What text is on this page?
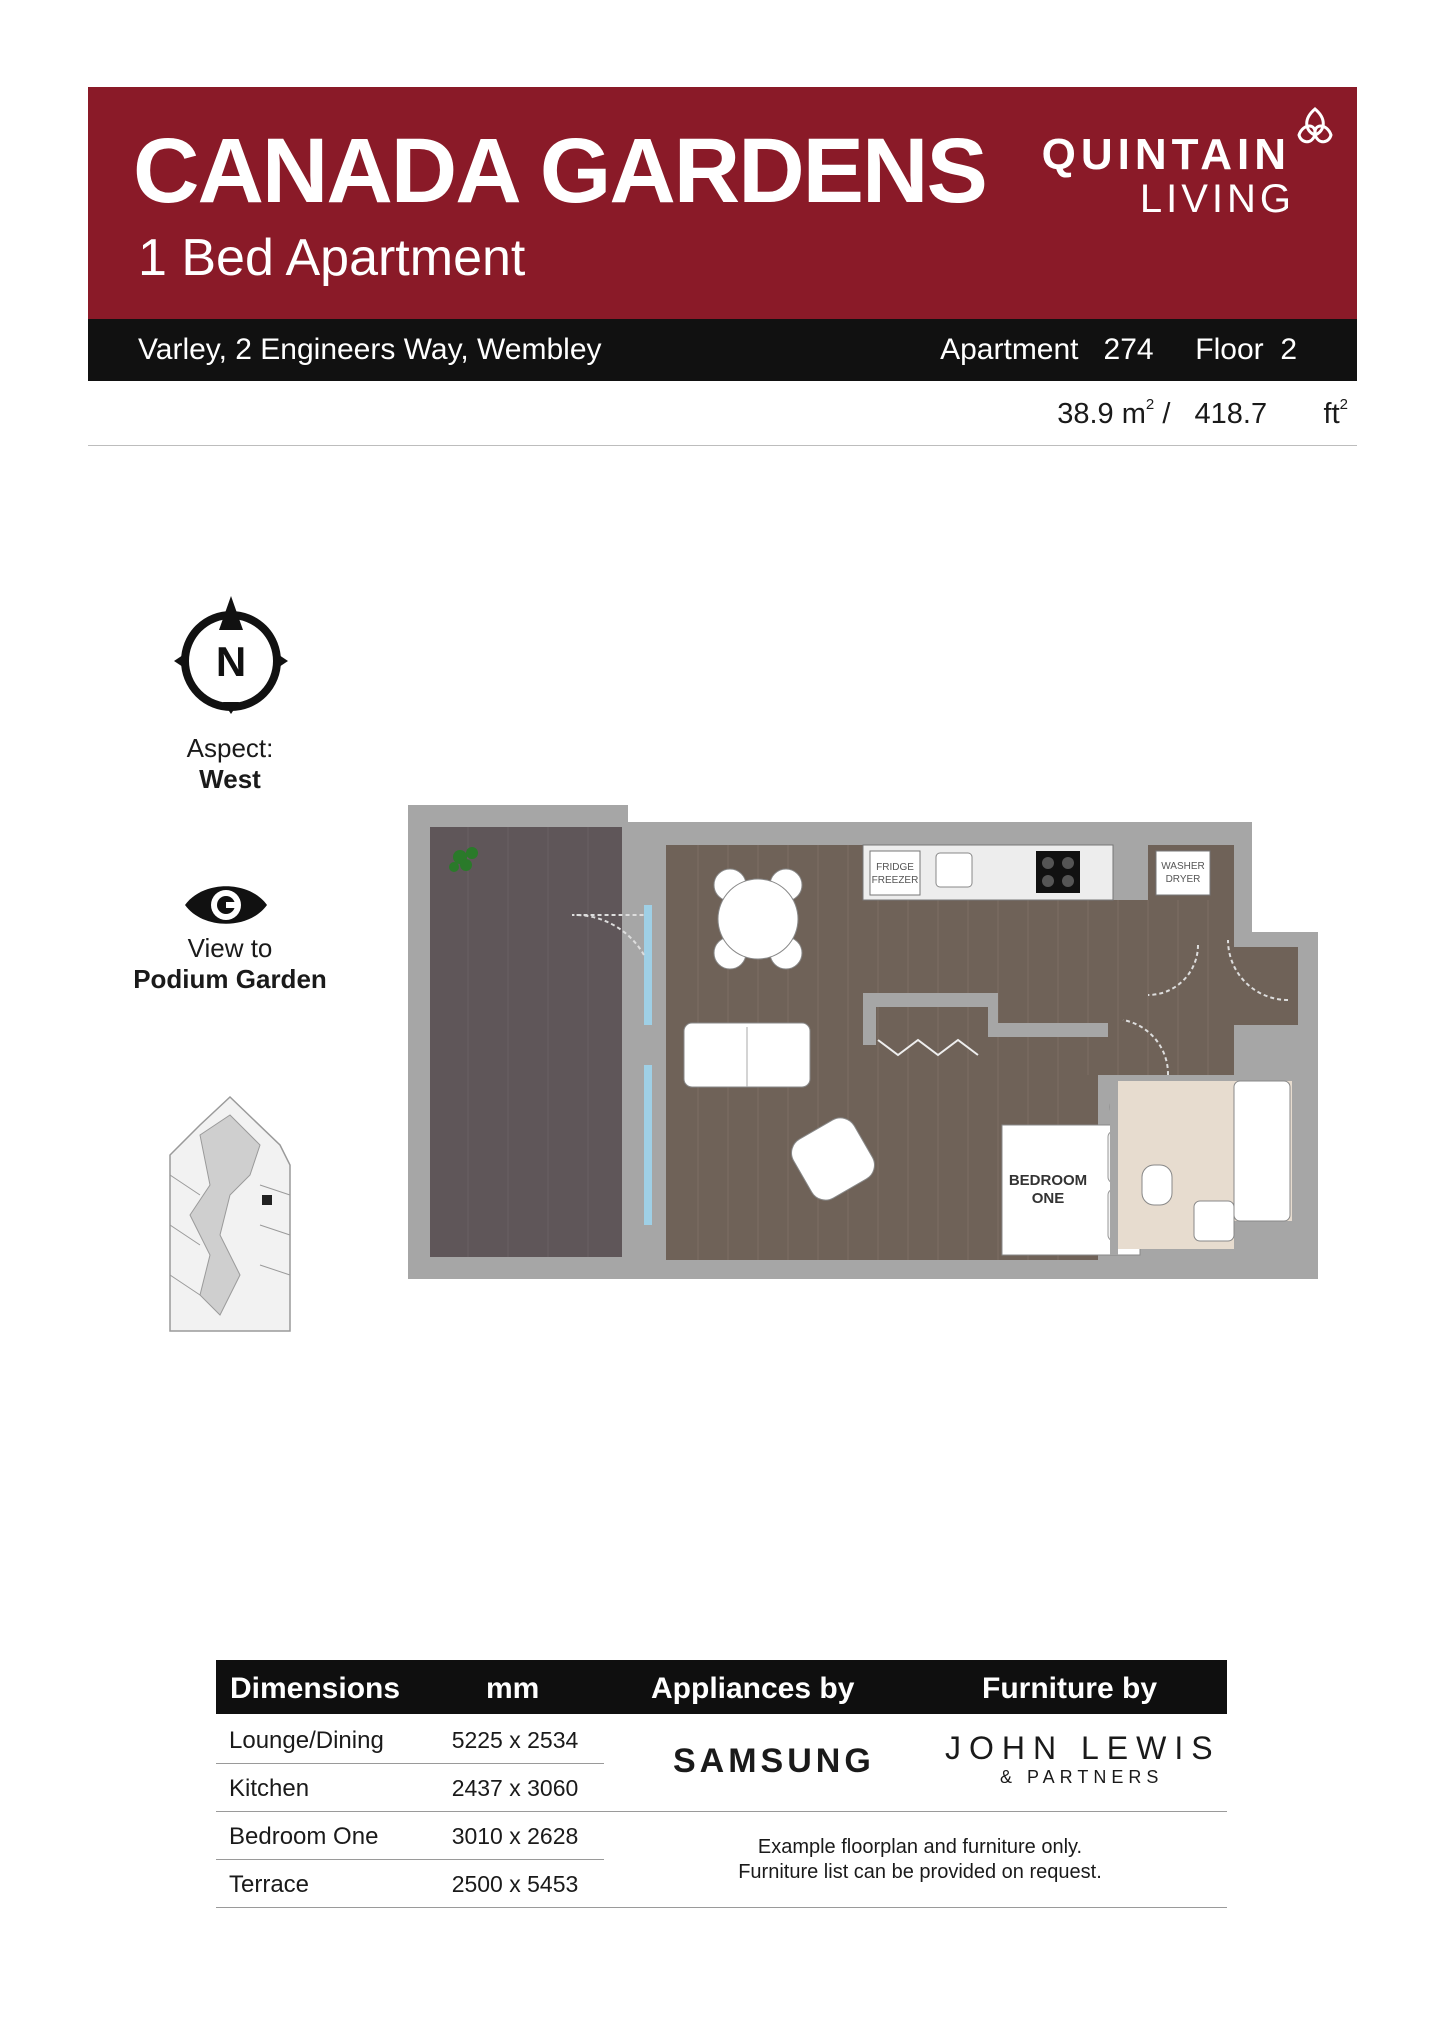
CANADA GARDENS
1 Bed Apartment
QUINTAIN
LIVING
Varley, 2 Engineers Way, Wembley	Apartment 274 Floor 2
38.9 $m^2 / 418.7$ $ft^2$
N
Aspect:
West
View to
Podium Garden
FRIDGE
FREEZER
WASHER
DRYER
BEDROOM
ONE
Dimensions	mm	Appliances by	Furniture by
Lounge/Dining	5225 x 2534
Kitchen	2437 x 3060
Bedroom One	3010 x 2628
Terrace	2500 x 5453
SAMSUNG JOHN LEWIS
& PARTNERS
Example floorplan and furniture only.
Furniture list can be provided on request.
